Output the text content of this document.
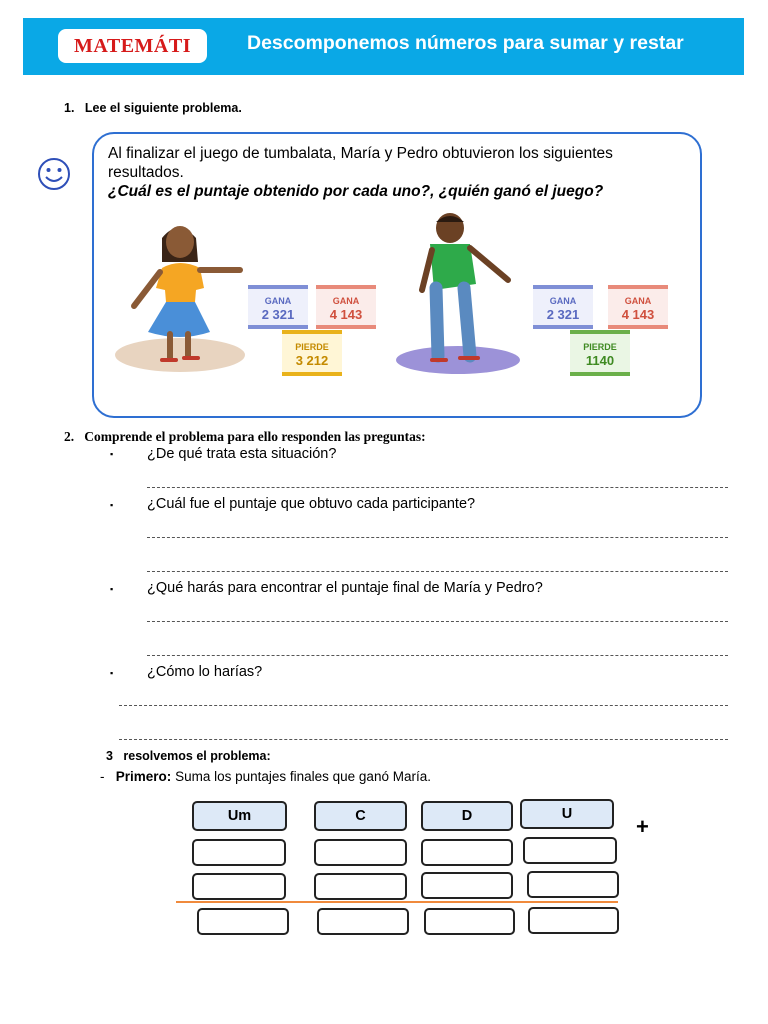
MATEMÁTI	Descomponemos números para sumar y restar
1. Lee el siguiente problema.
Al finalizar el juego de tumbalata, María y Pedro obtuvieron los siguientes resultados.
¿Cuál es el puntaje obtenido por cada uno?, ¿quién ganó el juego?
GANA
2 321
GANA
4 143
PIERDE
3 212
GANA
2 321
GANA
4 143
PIERDE
1140
2. Comprende el problema para ello responden las preguntas:
▪ ¿De qué trata esta situación?
▪ ¿Cuál fue el puntaje que obtuvo cada participante?
▪ ¿Qué harás para encontrar el puntaje final de María y Pedro?
▪ ¿Cómo lo harías?
3 resolvemos el problema:
- Primero: Suma los puntajes finales que ganó María.
Um	C	D	U	+
